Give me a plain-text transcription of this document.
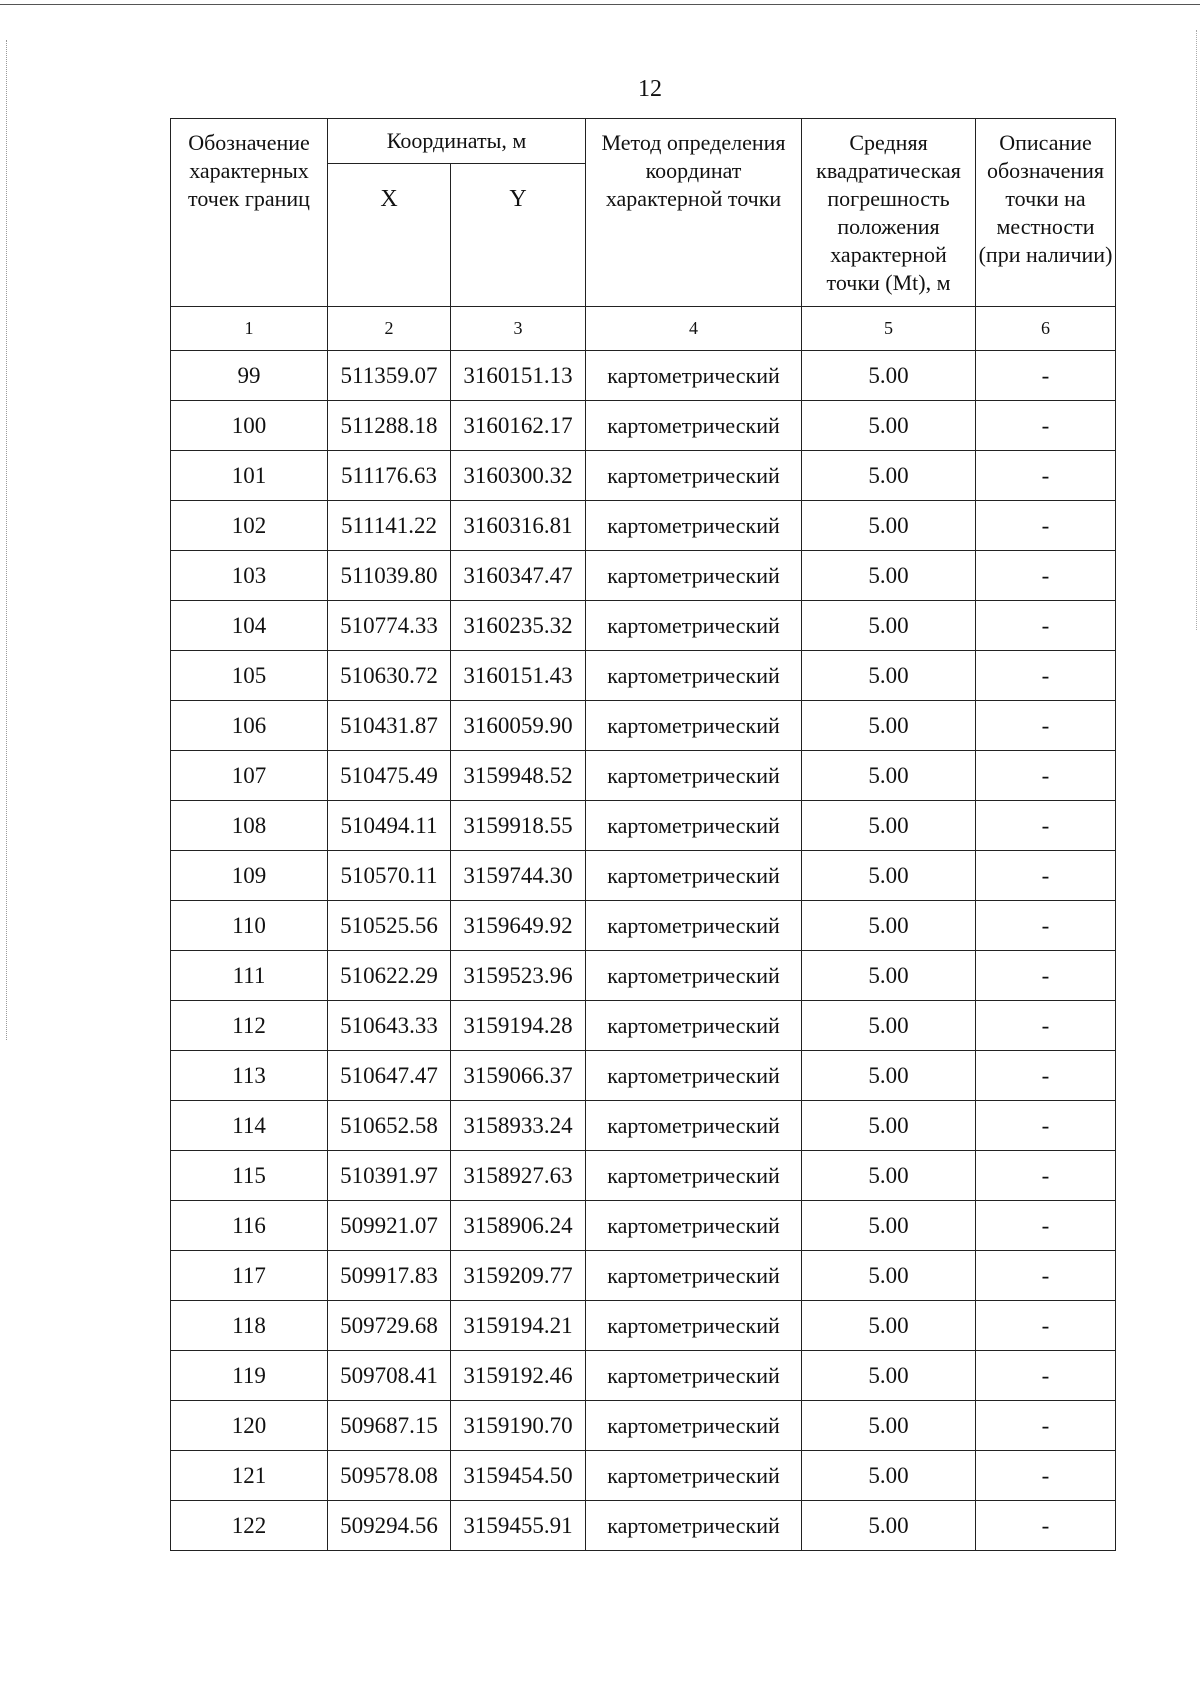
12
Обозначение характерных точек границ	Координаты, м		Метод определения координат характерной точки	Средняя квадратическая погрешность положения характерной точки (Mt), м	Описание обозначения точки на местности (при наличии)
	X	Y			
1	2	3	4	5	6
99	511359.07	3160151.13	картометрический	5.00	-
100	511288.18	3160162.17	картометрический	5.00	-
101	511176.63	3160300.32	картометрический	5.00	-
102	511141.22	3160316.81	картометрический	5.00	-
103	511039.80	3160347.47	картометрический	5.00	-
104	510774.33	3160235.32	картометрический	5.00	-
105	510630.72	3160151.43	картометрический	5.00	-
106	510431.87	3160059.90	картометрический	5.00	-
107	510475.49	3159948.52	картометрический	5.00	-
108	510494.11	3159918.55	картометрический	5.00	-
109	510570.11	3159744.30	картометрический	5.00	-
110	510525.56	3159649.92	картометрический	5.00	-
111	510622.29	3159523.96	картометрический	5.00	-
112	510643.33	3159194.28	картометрический	5.00	-
113	510647.47	3159066.37	картометрический	5.00	-
114	510652.58	3158933.24	картометрический	5.00	-
115	510391.97	3158927.63	картометрический	5.00	-
116	509921.07	3158906.24	картометрический	5.00	-
117	509917.83	3159209.77	картометрический	5.00	-
118	509729.68	3159194.21	картометрический	5.00	-
119	509708.41	3159192.46	картометрический	5.00	-
120	509687.15	3159190.70	картометрический	5.00	-
121	509578.08	3159454.50	картометрический	5.00	-
122	509294.56	3159455.91	картометрический	5.00	-
